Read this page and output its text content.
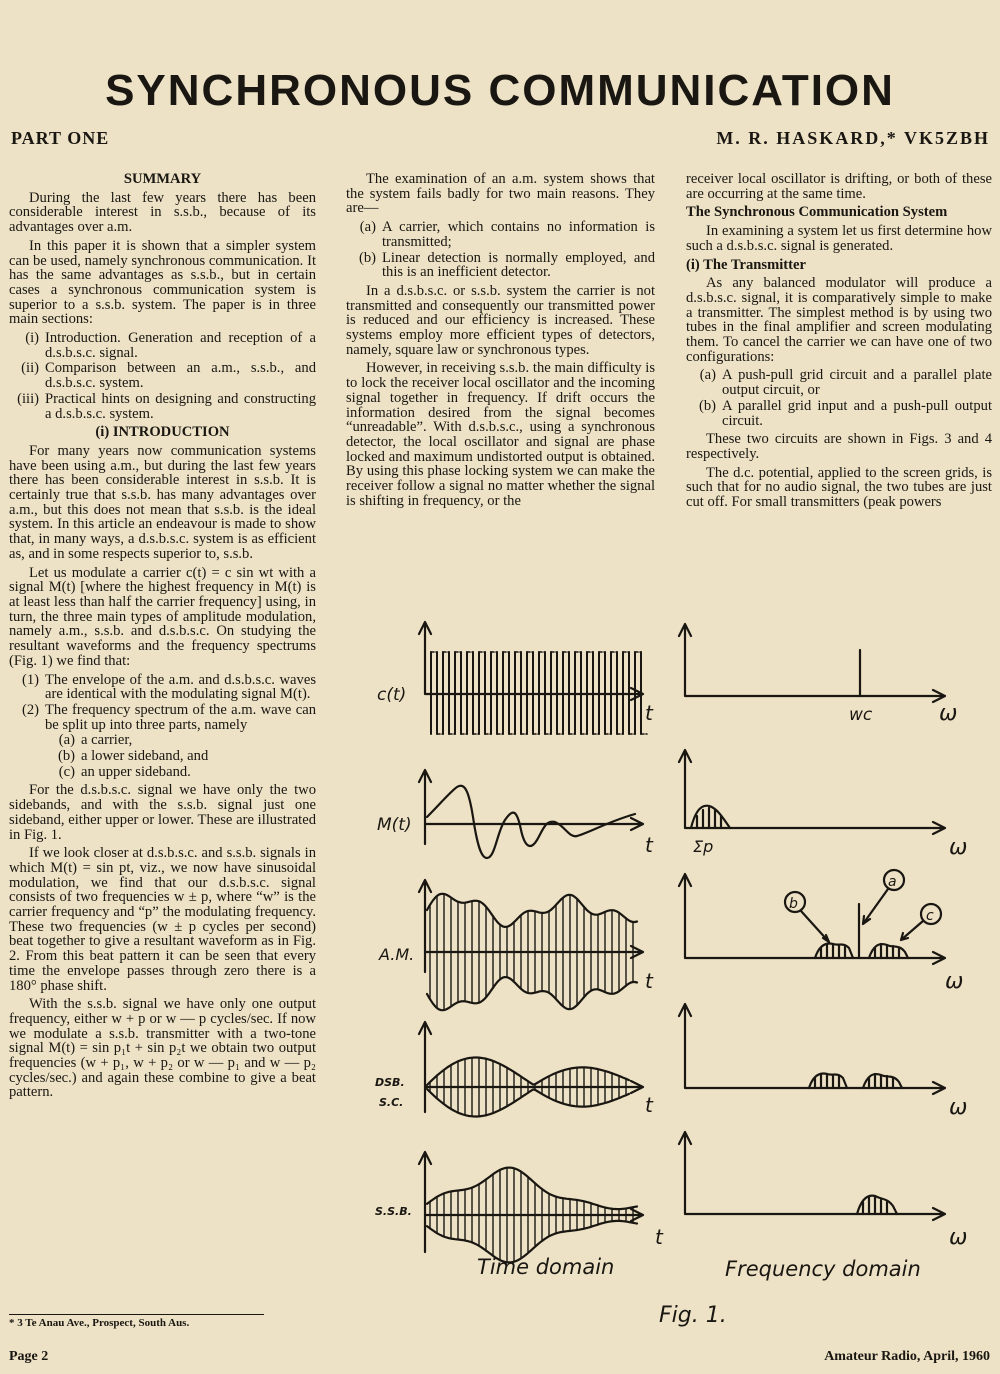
SYNCHRONOUS COMMUNICATION
PART ONE	M. R. HASKARD,* VK5ZBH
SUMMARY

During the last few years there has been considerable interest in s.s.b., because of its advantages over a.m.

In this paper it is shown that a simpler system can be used, namely synchronous communication. It has the same advantages as s.s.b., but in certain cases a synchronous communication system is superior to a s.s.b. system. The paper is in three main sections:

(i) Introduction. Generation and reception of a d.s.b.s.c. signal.
(ii) Comparison between an a.m., s.s.b., and d.s.b.s.c. system.
(iii) Practical hints on designing and constructing a d.s.b.s.c. system.
(i) INTRODUCTION

For many years now communication systems have been using a.m., but during the last few years there has been considerable interest in s.s.b. It is certainly true that s.s.b. has many advantages over a.m., but this does not mean that s.s.b. is the ideal system. In this article an endeavour is made to show that, in many ways, a d.s.b.s.c. system is as efficient as, and in some respects superior to, s.s.b.

Let us modulate a carrier c(t) = c sin wt with a signal M(t) [where the highest frequency in M(t) is at least less than half the carrier frequency] using, in turn, the three main types of amplitude modulation, namely a.m., s.s.b. and d.s.b.s.c. On studying the resultant waveforms and the frequency spectrums (Fig. 1) we find that:

(1) The envelope of the a.m. and d.s.b.s.c. waves are identical with the modulating signal M(t).
(2) The frequency spectrum of the a.m. wave can be split up into three parts, namely
(a) a carrier,
(b) a lower sideband, and
(c) an upper sideband.

For the d.s.b.s.c. signal we have only the two sidebands, and with the s.s.b. signal just one sideband, either upper or lower. These are illustrated in Fig. 1.

If we look closer at d.s.b.s.c. and s.s.b. signals in which M(t) = sin pt, viz., we now have sinusoidal modulation, we find that our d.s.b.s.c. signal consists of two frequencies w ± p, where “w” is the carrier frequency and “p” the modulating frequency. These two frequencies (w ± p cycles per second) beat together to give a resultant waveform as in Fig. 2. From this beat pattern it can be seen that every time the envelope passes through zero there is a 180° phase shift.

With the s.s.b. signal we have only one output frequency, either w + p or w — p cycles/sec. If now we modulate a s.s.b. transmitter with a two-tone signal M(t) = sin p₁t + sin p₂t we obtain two output frequencies (w + p₁, w + p₂ or w — p₁ and w — p₂ cycles/sec.) and again these combine to give a beat pattern.

The examination of an a.m. system shows that the system fails badly for two main reasons. They are—

(a) A carrier, which contains no information is transmitted;
(b) Linear detection is normally employed, and this is an inefficient detector.

In a d.s.b.s.c. or s.s.b. system the carrier is not transmitted and consequently our transmitted power is reduced and our efficiency is increased. These systems employ more efficient types of detectors, namely, square law or synchronous types.

However, in receiving s.s.b. the main difficulty is to lock the receiver local oscillator and the incoming signal together in frequency. If drift occurs the information desired from the signal becomes “unreadable”. With d.s.b.s.c., using a synchronous detector, the local oscillator and signal are phase locked and maximum undistorted output is obtained. By using this phase locking system we can make the receiver follow a signal no matter whether the signal is shifting in frequency, or the

receiver local oscillator is drifting, or both of these are occurring at the same time.

The Synchronous Communication System

In examining a system let us first determine how such a d.s.b.s.c. signal is generated.

(i) The Transmitter

As any balanced modulator will produce a d.s.b.s.c. signal, it is comparatively simple to make a transmitter. The simplest method is by using two tubes in the final amplifier and screen modulating them. To cancel the carrier we can have one of two configurations:

(a) A push-pull grid circuit and a parallel plate output circuit, or
(b) A parallel grid input and a push-pull output circuit.

These two circuits are shown in Figs. 3 and 4 respectively.

The d.c. potential, applied to the screen grids, is such that for no audio signal, the two tubes are just cut off. For small transmitters (peak powers

c(t)
M(t)
A.M.
DSB.
S.C.
S.S.B.
t
t
t
t
t
ω
ω
ω
ω
ω
wc
Σp
b
a
c
Time domain	Frequency domain
Fig. 1.
* 3 Te Anau Ave., Prospect, South Aus.
Page 2	Amateur Radio, April, 1960
